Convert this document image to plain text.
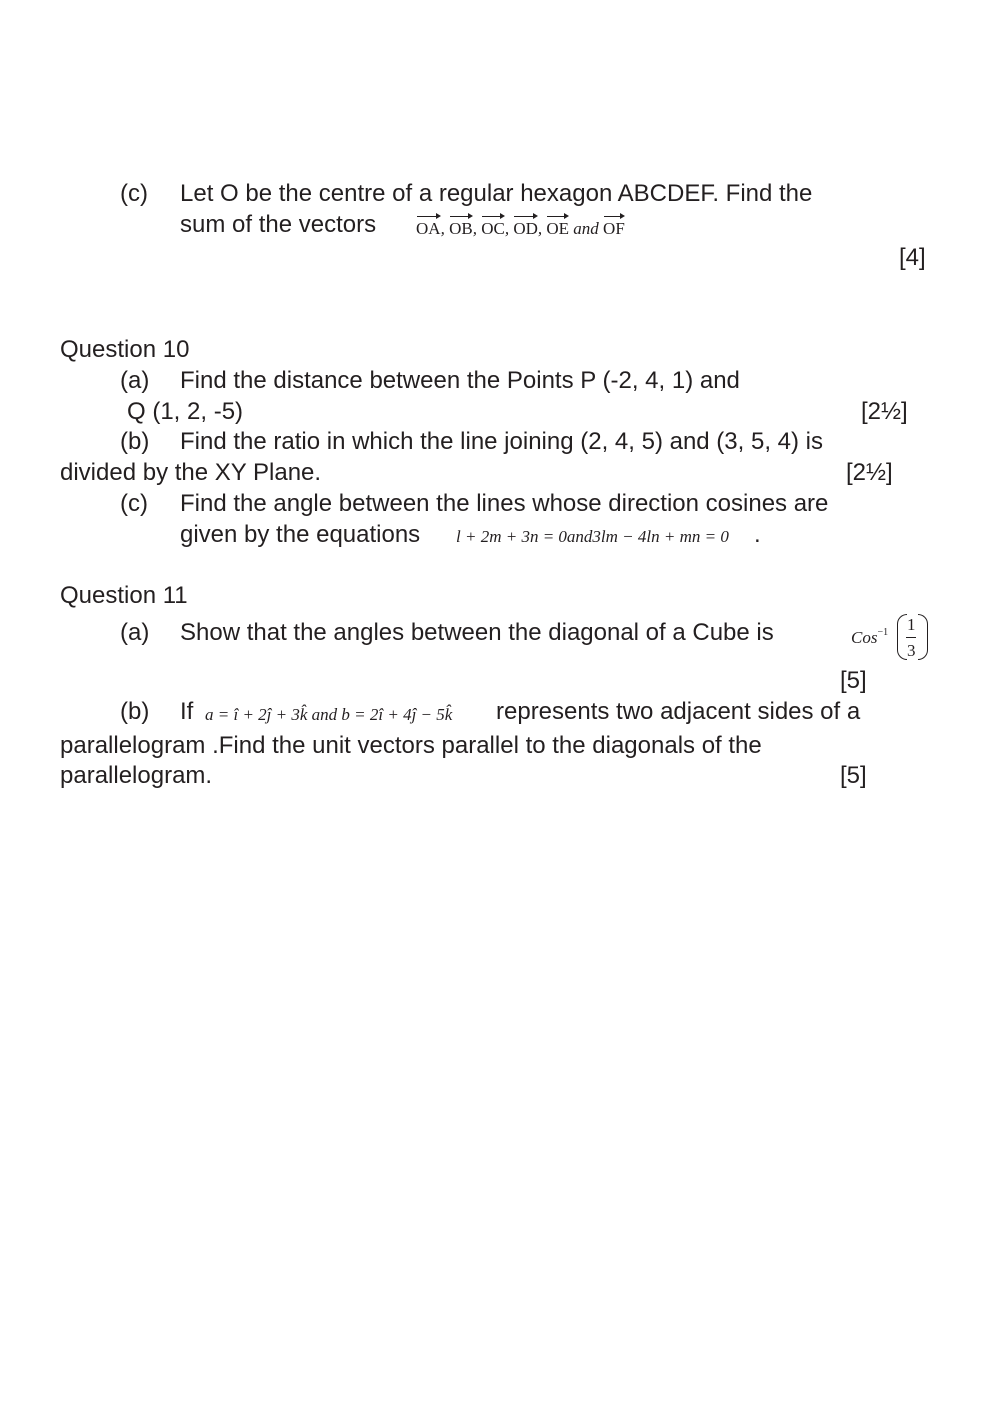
(c) Let O be the centre of a regular hexagon ABCDEF. Find the
sum of the vectors OA, OB, OC, OD, OE and OF
[4]
Question 10
(a) Find the distance between the Points P (-2, 4, 1) and
Q (1, 2, -5)	[2½]
(b) Find the ratio in which the line joining (2, 4, 5) and (3, 5, 4) is
divided by the XY Plane.	[2½]
(c) Find the angle between the lines whose direction cosines are
given by the equations l + 2m + 3n = 0and3lm − 4ln + mn = 0 .
Question 11
(a) Show that the angles between the diagonal of a Cube is	Cos$^{-1}$ 1
3
[5]
(b) If a = î + 2ĵ + 3k̂ and b = 2î + 4ĵ − 5k̂ represents two adjacent sides of a
parallelogram .Find the unit vectors parallel to the diagonals of the
parallelogram.	[5]
